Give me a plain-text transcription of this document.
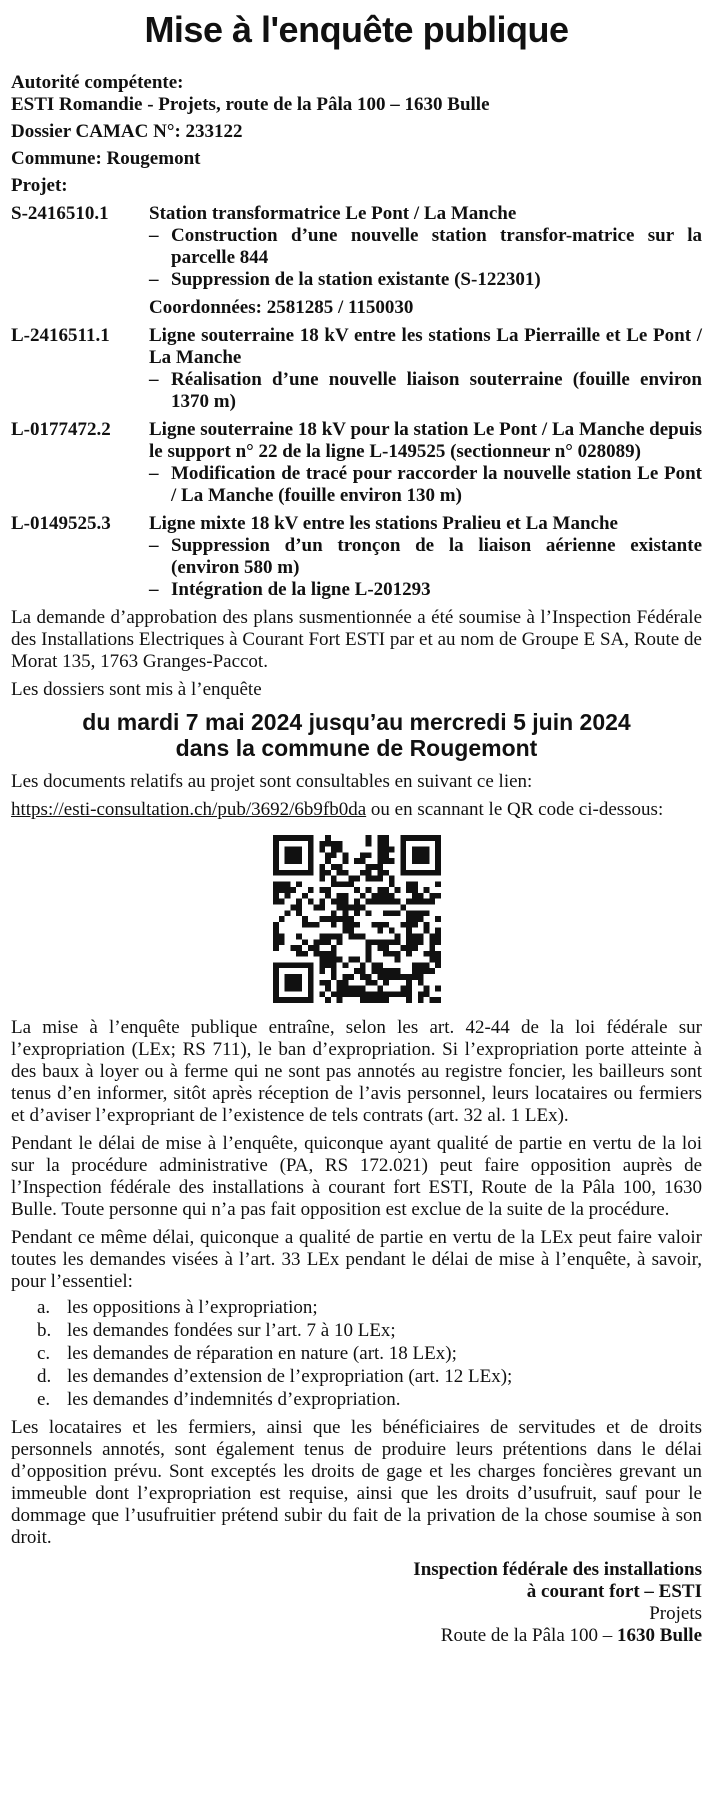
Mise à l'enquête publique
Autorité compétente:
ESTI Romandie - Projets, route de la Pâla 100 – 1630 Bulle
Dossier CAMAC N°: 233122
Commune: Rougemont
Projet:
S-2416510.1	Station transformatrice Le Pont / La Manche
– Construction d’une nouvelle station transfor-matrice sur la parcelle 844
– Suppression de la station existante (S-122301)
Coordonnées: 2581285 / 1150030
L-2416511.1	Ligne souterraine 18 kV entre les stations La Pierraille et Le Pont / La Manche
– Réalisation d’une nouvelle liaison souterraine (fouille environ 1370 m)
L-0177472.2	Ligne souterraine 18 kV pour la station Le Pont / La Manche depuis le support n° 22 de la ligne L-149525 (sectionneur n° 028089)
– Modification de tracé pour raccorder la nouvelle station Le Pont / La Manche (fouille environ 130 m)
L-0149525.3	Ligne mixte 18 kV entre les stations Pralieu et La Manche
– Suppression d’un tronçon de la liaison aérienne existante (environ 580 m)
– Intégration de la ligne L-201293

La demande d’approbation des plans susmentionnée a été soumise à l’Inspection Fédérale des Installations Electriques à Courant Fort ESTI par et au nom de Groupe E SA, Route de Morat 135, 1763 Granges-Paccot.

Les dossiers sont mis à l’enquête

du mardi 7 mai 2024 jusqu’au mercredi 5 juin 2024
dans la commune de Rougemont

Les documents relatifs au projet sont consultables en suivant ce lien:

https://esti-consultation.ch/pub/3692/6b9fb0da ou en scannant le QR code ci-dessous:

La mise à l’enquête publique entraîne, selon les art. 42-44 de la loi fédérale sur l’expropriation (LEx; RS 711), le ban d’expropriation. Si l’expropriation porte atteinte à des baux à loyer ou à ferme qui ne sont pas annotés au registre foncier, les bailleurs sont tenus d’en informer, sitôt après réception de l’avis personnel, leurs locataires ou fermiers et d’aviser l’expropriant de l’existence de tels contrats (art. 32 al. 1 LEx).

Pendant le délai de mise à l’enquête, quiconque ayant qualité de partie en vertu de la loi sur la procédure administrative (PA, RS 172.021) peut faire opposition auprès de l’Inspection fédérale des installations à courant fort ESTI, Route de la Pâla 100, 1630 Bulle. Toute personne qui n’a pas fait opposition est exclue de la suite de la procédure.

Pendant ce même délai, quiconque a qualité de partie en vertu de la LEx peut faire valoir toutes les demandes visées à l’art. 33 LEx pendant le délai de mise à l’enquête, à savoir, pour l’essentiel:

a. les oppositions à l’expropriation;
b. les demandes fondées sur l’art. 7 à 10 LEx;
c. les demandes de réparation en nature (art. 18 LEx);
d. les demandes d’extension de l’expropriation (art. 12 LEx);
e. les demandes d’indemnités d’expropriation.

Les locataires et les fermiers, ainsi que les bénéficiaires de servitudes et de droits personnels annotés, sont également tenus de produire leurs prétentions dans le délai d’opposition prévu. Sont exceptés les droits de gage et les charges foncières grevant un immeuble dont l’expropriation est requise, ainsi que les droits d’usufruit, sauf pour le dommage que l’usufruitier prétend subir du fait de la privation de la chose soumise à son droit.

Inspection fédérale des installations
à courant fort – ESTI
Projets
Route de la Pâla 100 – 1630 Bulle
